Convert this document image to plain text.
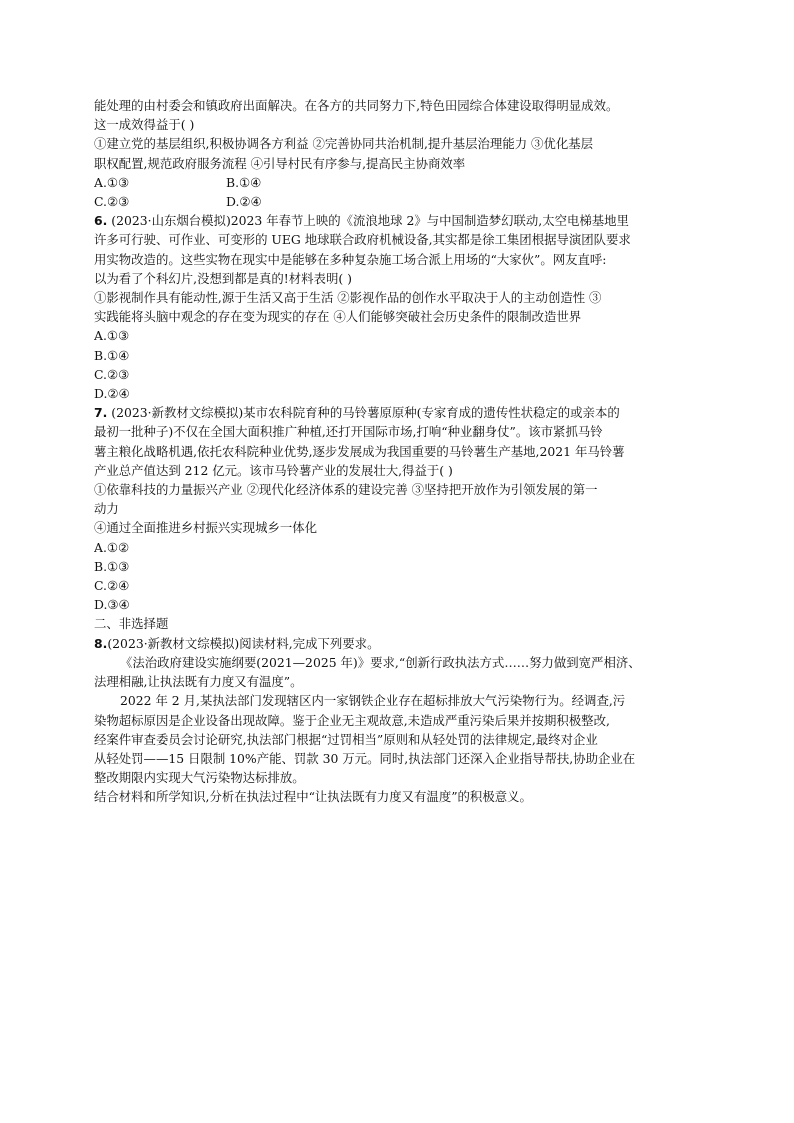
能处理的由村委会和镇政府出面解决。在各方的共同努力下,特色田园综合体建设取得明显成效。
这一成效得益于( )
①建立党的基层组织,积极协调各方利益 ②完善协同共治机制,提升基层治理能力 ③优化基层
职权配置,规范政府服务流程 ④引导村民有序参与,提高民主协商效率
A.①③	B.①④
C.②③	D.②④
6. (2023·山东烟台模拟)2023 年春节上映的《流浪地球 2》与中国制造梦幻联动,太空电梯基地里
许多可行驶、可作业、可变形的 UEG 地球联合政府机械设备,其实都是徐工集团根据导演团队要求
用实物改造的。这些实物在现实中是能够在多种复杂施工场合派上用场的“大家伙”。网友直呼:
以为看了个科幻片,没想到都是真的!材料表明( )
①影视制作具有能动性,源于生活又高于生活 ②影视作品的创作水平取决于人的主动创造性 ③
实践能将头脑中观念的存在变为现实的存在 ④人们能够突破社会历史条件的限制改造世界
A.①③
B.①④
C.②③
D.②④
7. (2023·新教材文综模拟)某市农科院育种的马铃薯原原种(专家育成的遗传性状稳定的或亲本的
最初一批种子)不仅在全国大面积推广种植,还打开国际市场,打响“种业翻身仗”。该市紧抓马铃
薯主粮化战略机遇,依托农科院种业优势,逐步发展成为我国重要的马铃薯生产基地,2021 年马铃薯
产业总产值达到 212 亿元。该市马铃薯产业的发展壮大,得益于( )
①依靠科技的力量振兴产业 ②现代化经济体系的建设完善 ③坚持把开放作为引领发展的第一
动力
④通过全面推进乡村振兴实现城乡一体化
A.①②
B.①③
C.②④
D.③④
二、非选择题
8.(2023·新教材文综模拟)阅读材料,完成下列要求。
《法治政府建设实施纲要(2021—2025 年)》要求,“创新行政执法方式……努力做到宽严相济、
法理相融,让执法既有力度又有温度”。
2022 年 2 月,某执法部门发现辖区内一家钢铁企业存在超标排放大气污染物行为。经调查,污
染物超标原因是企业设备出现故障。鉴于企业无主观故意,未造成严重污染后果并按期积极整改,
经案件审查委员会讨论研究,执法部门根据“过罚相当”原则和从轻处罚的法律规定,最终对企业
从轻处罚——15 日限制 10%产能、罚款 30 万元。同时,执法部门还深入企业指导帮扶,协助企业在
整改期限内实现大气污染物达标排放。
结合材料和所学知识,分析在执法过程中“让执法既有力度又有温度”的积极意义。
